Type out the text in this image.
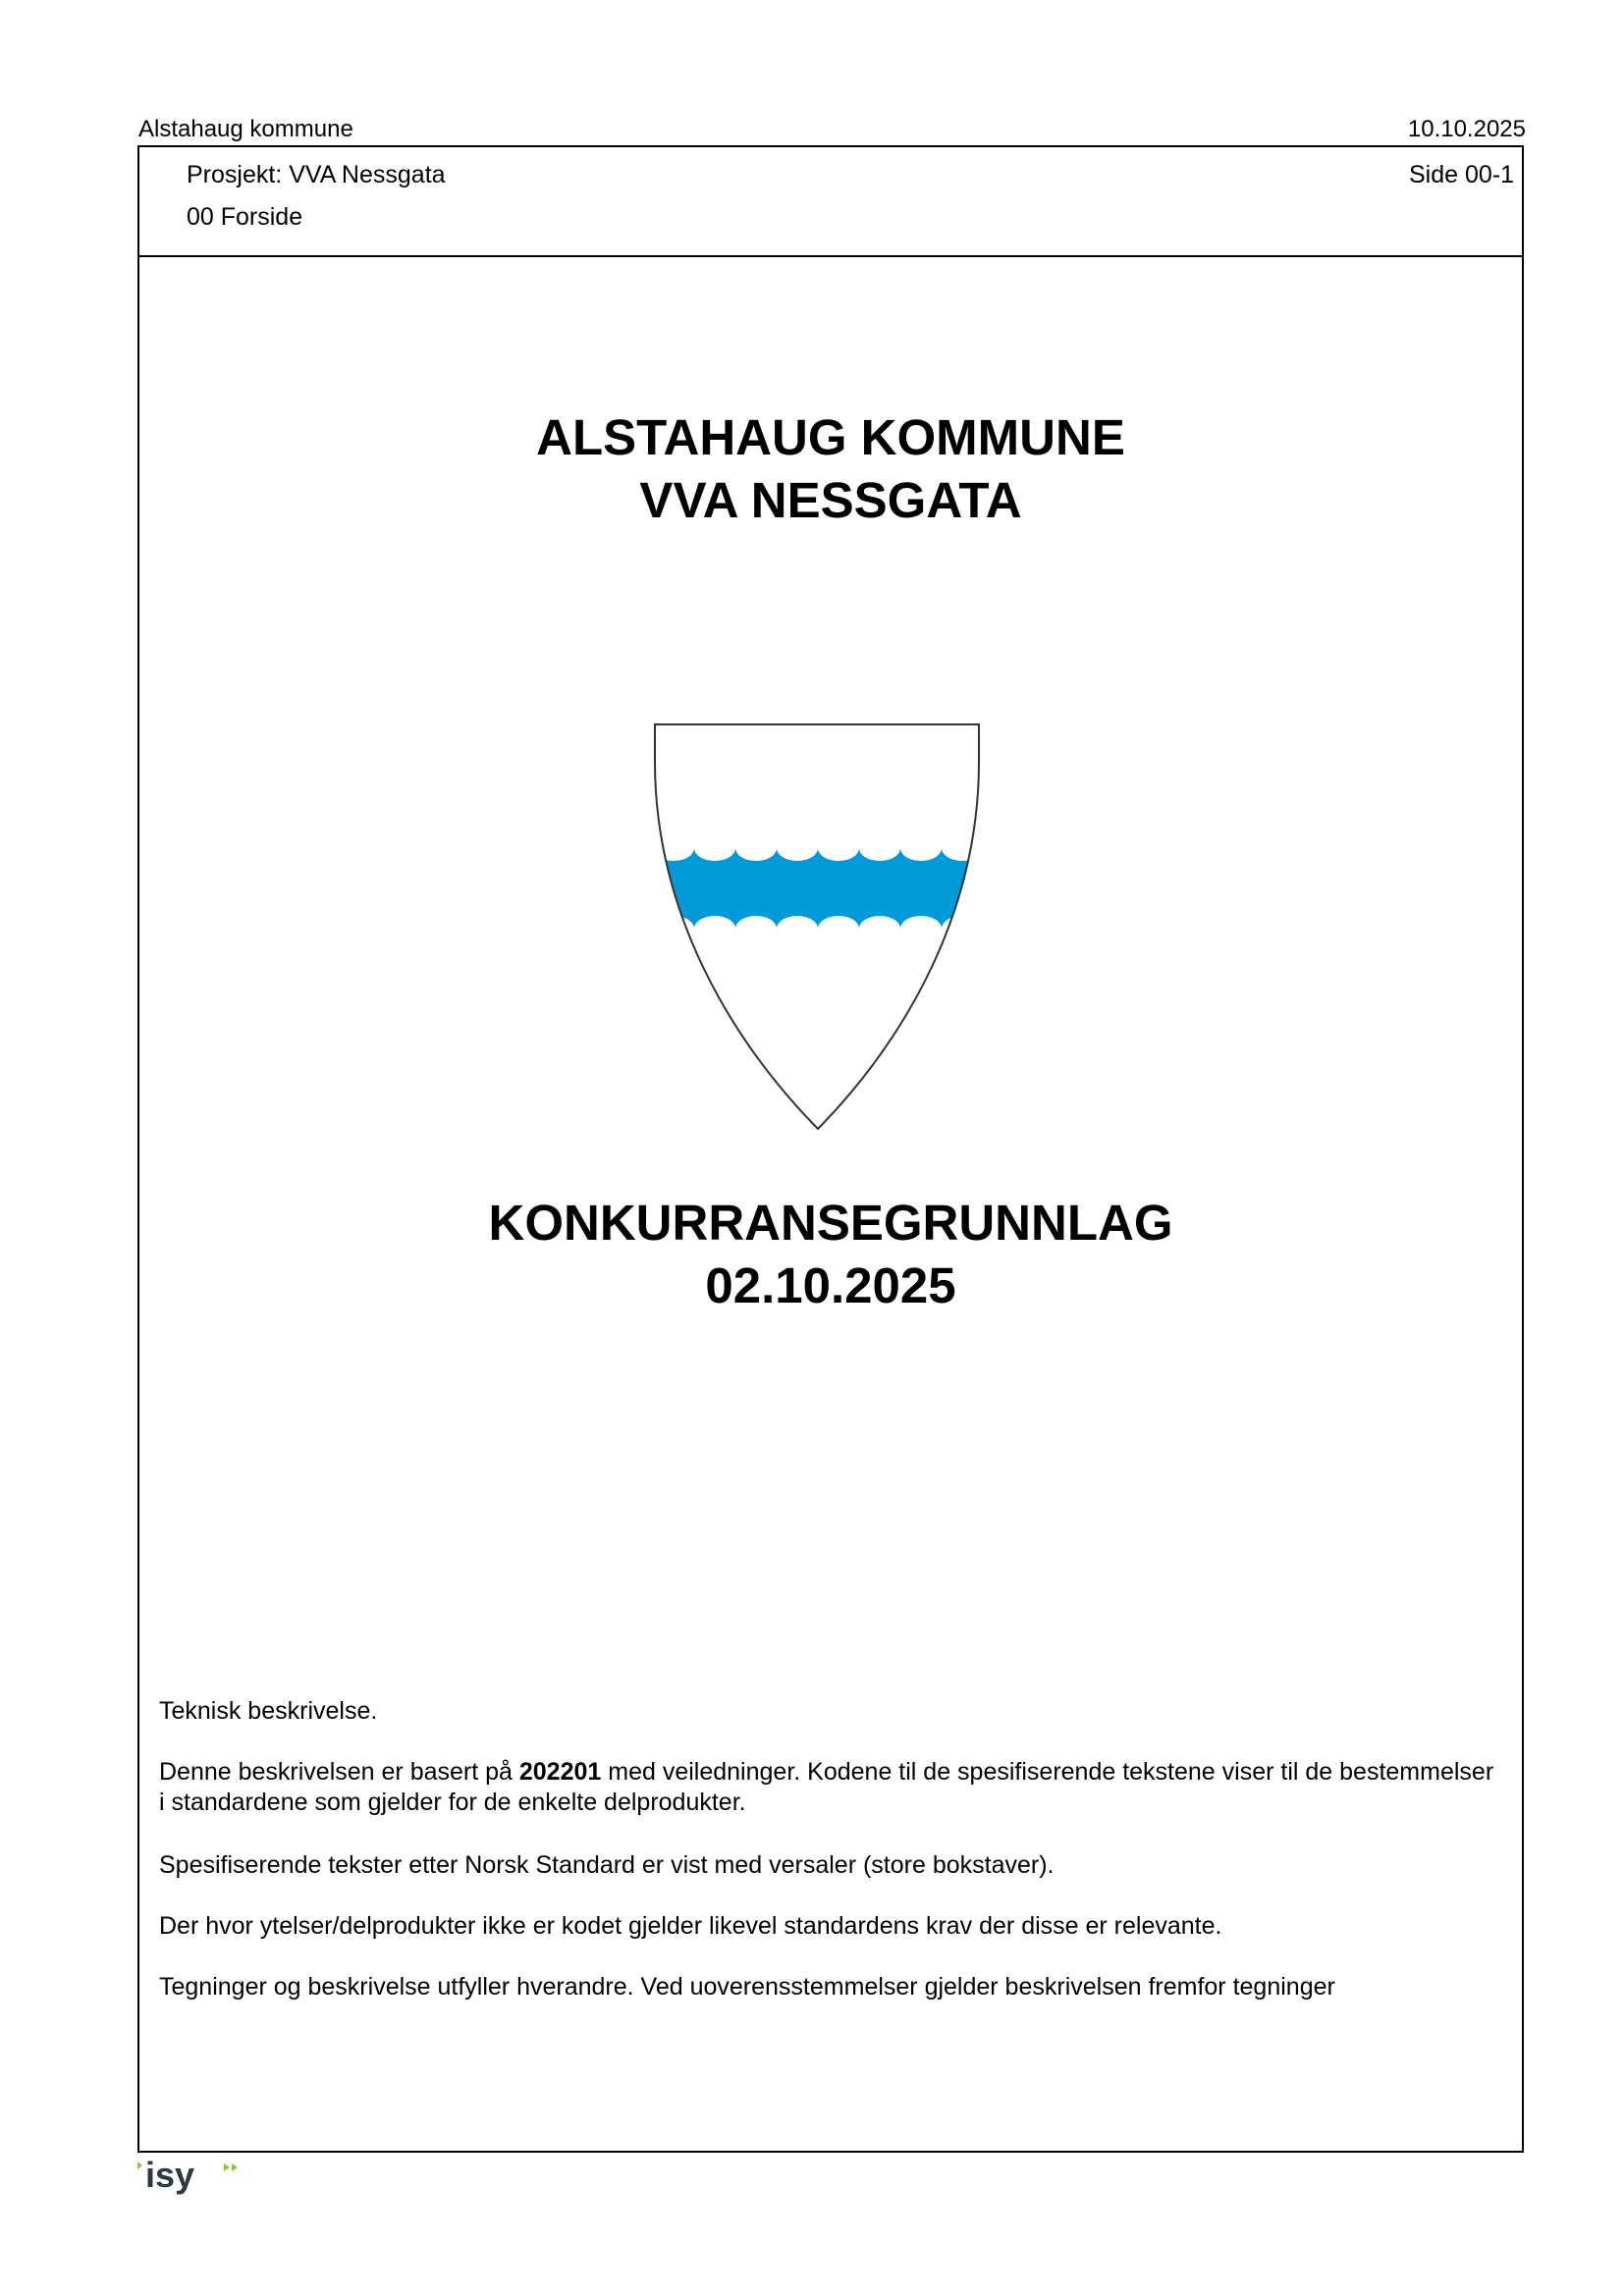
Alstahaug kommune	10.10.2025
Prosjekt: VVA Nessgata
00 Forside
Side 00-1
ALSTAHAUG KOMMUNE
VVA NESSGATA
KONKURRANSEGRUNNLAG
02.10.2025
Teknisk beskrivelse.
Denne beskrivelsen er basert på 202201 med veiledninger. Kodene til de spesifiserende tekstene viser til de bestemmelser i standardene som gjelder for de enkelte delprodukter.
Spesifiserende tekster etter Norsk Standard er vist med versaler (store bokstaver).
Der hvor ytelser/delprodukter ikke er kodet gjelder likevel standardens krav der disse er relevante.
Tegninger og beskrivelse utfyller hverandre. Ved uoverensstemmelser gjelder beskrivelsen fremfor tegninger
isy
